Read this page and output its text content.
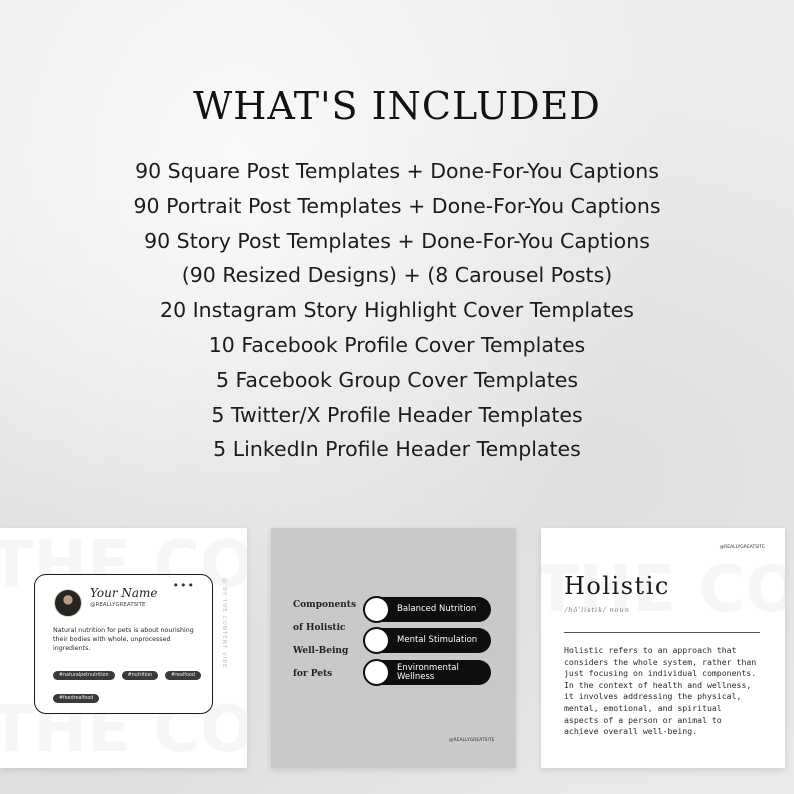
WHAT'S INCLUDED
90 Square Post Templates + Done-For-You Captions
90 Portrait Post Templates + Done-For-You Captions
90 Story Post Templates + Done-For-You Captions
(90 Resized Designs) + (8 Carousel Posts)
20 Instagram Story Highlight Cover Templates
10 Facebook Profile Cover Templates
5 Facebook Group Cover Templates
5 Twitter/X Profile Header Templates
5 LinkedIn Profile Header Templates
@ BY THE CONTENT VIBE
Your Name
@REALLYGREATSITE
•••
Natural nutrition for pets is about nourishing their bodies with whole, unprocessed ingredients.
#naturalpetnutrition	#nutrition	#realfood #feedrealfood
Components
of Holistic
Well-Being
for Pets
Balanced Nutrition
Mental Stimulation
Environmental Wellness
@REALLYGREATSITE
@REALLYGREATSITE
Holistic
/hō'listik/ noun
Holistic refers to an approach that considers the whole system, rather than just focusing on individual components. In the context of health and wellness, it involves addressing the physical, mental, emotional, and spiritual aspects of a person or animal to achieve overall well-being.
